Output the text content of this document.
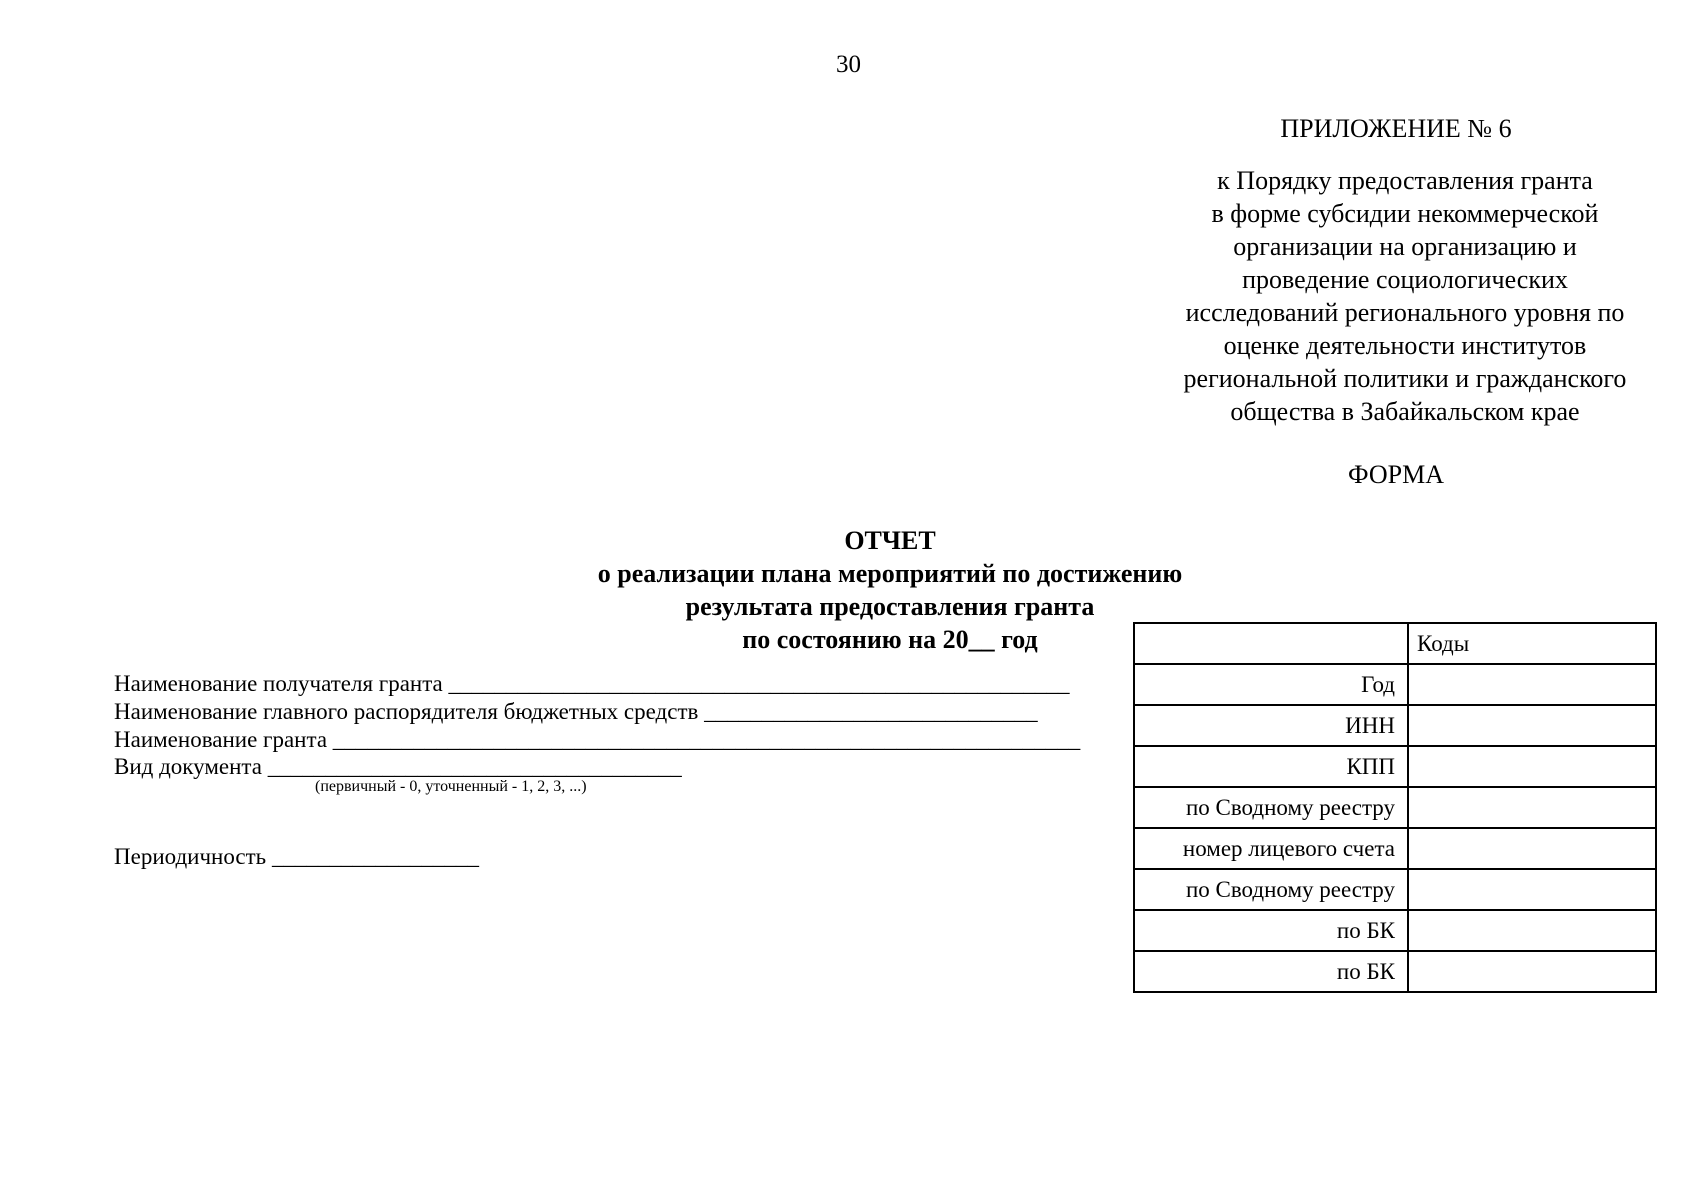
30
ПРИЛОЖЕНИЕ № 6
к Порядку предоставления гранта
в форме субсидии некоммерческой
организации на организацию и
проведение социологических
исследований регионального уровня по
оценке деятельности институтов
региональной политики и гражданского
общества в Забайкальском крае
ФОРМА
ОТЧЕТ
о реализации плана мероприятий по достижению
результата предоставления гранта
по состоянию на 20__ год
Наименование получателя гранта ______________________________________________________
Наименование главного распорядителя бюджетных средств _____________________________
Наименование гранта _________________________________________________________________
Вид документа ____________________________________
(первичный - 0, уточненный - 1, 2, 3, ...)
Периодичность __________________
	Коды
Год	
ИНН	
КПП	
по Сводному реестру	
номер лицевого счета	
по Сводному реестру	
по БК	
по БК	
